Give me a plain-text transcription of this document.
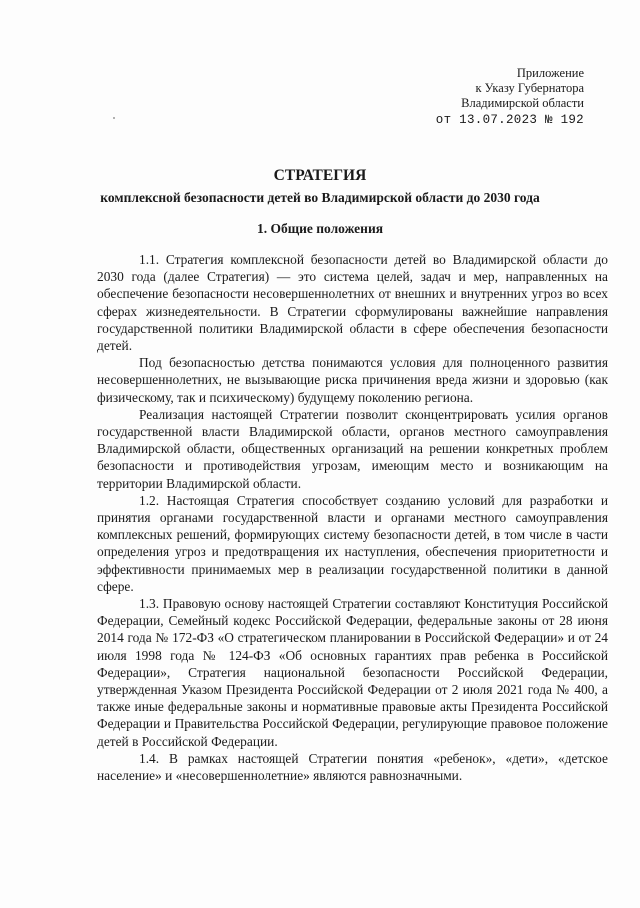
Приложение
к Указу Губернатора
Владимирской области
от 13.07.2023 № 192
СТРАТЕГИЯ
комплексной безопасности детей во Владимирской области до 2030 года
1. Общие положения

1.1. Стратегия комплексной безопасности детей во Владимирской области до 2030 года (далее Стратегия) — это система целей, задач и мер, направленных на обеспечение безопасности несовершеннолетних от внешних и внутренних угроз во всех сферах жизнедеятельности. В Стратегии сформулированы важнейшие направления государственной политики Владимирской области в сфере обеспечения безопасности детей.

Под безопасностью детства понимаются условия для полноценного развития несовершеннолетних, не вызывающие риска причинения вреда жизни и здоровью (как физическому, так и психическому) будущему поколению региона.

Реализация настоящей Стратегии позволит сконцентрировать усилия органов государственной власти Владимирской области, органов местного самоуправления Владимирской области, общественных организаций на решении конкретных проблем безопасности и противодействия угрозам, имеющим место и возникающим на территории Владимирской области.

1.2. Настоящая Стратегия способствует созданию условий для разработки и принятия органами государственной власти и органами местного самоуправления комплексных решений, формирующих систему безопасности детей, в том числе в части определения угроз и предотвращения их наступления, обеспечения приоритетности и эффективности принимаемых мер в реализации государственной политики в данной сфере.

1.3. Правовую основу настоящей Стратегии составляют Конституция Российской Федерации, Семейный кодекс Российской Федерации, федеральные законы от 28 июня 2014 года № 172-ФЗ «О стратегическом планировании в Российской Федерации» и от 24 июля 1998 года № 124-ФЗ «Об основных гарантиях прав ребенка в Российской Федерации», Стратегия национальной безопасности Российской Федерации, утвержденная Указом Президента Российской Федерации от 2 июля 2021 года № 400, а также иные федеральные законы и нормативные правовые акты Президента Российской Федерации и Правительства Российской Федерации, регулирующие правовое положение детей в Российской Федерации.

1.4. В рамках настоящей Стратегии понятия «ребенок», «дети», «детское население» и «несовершеннолетние» являются равнозначными.
